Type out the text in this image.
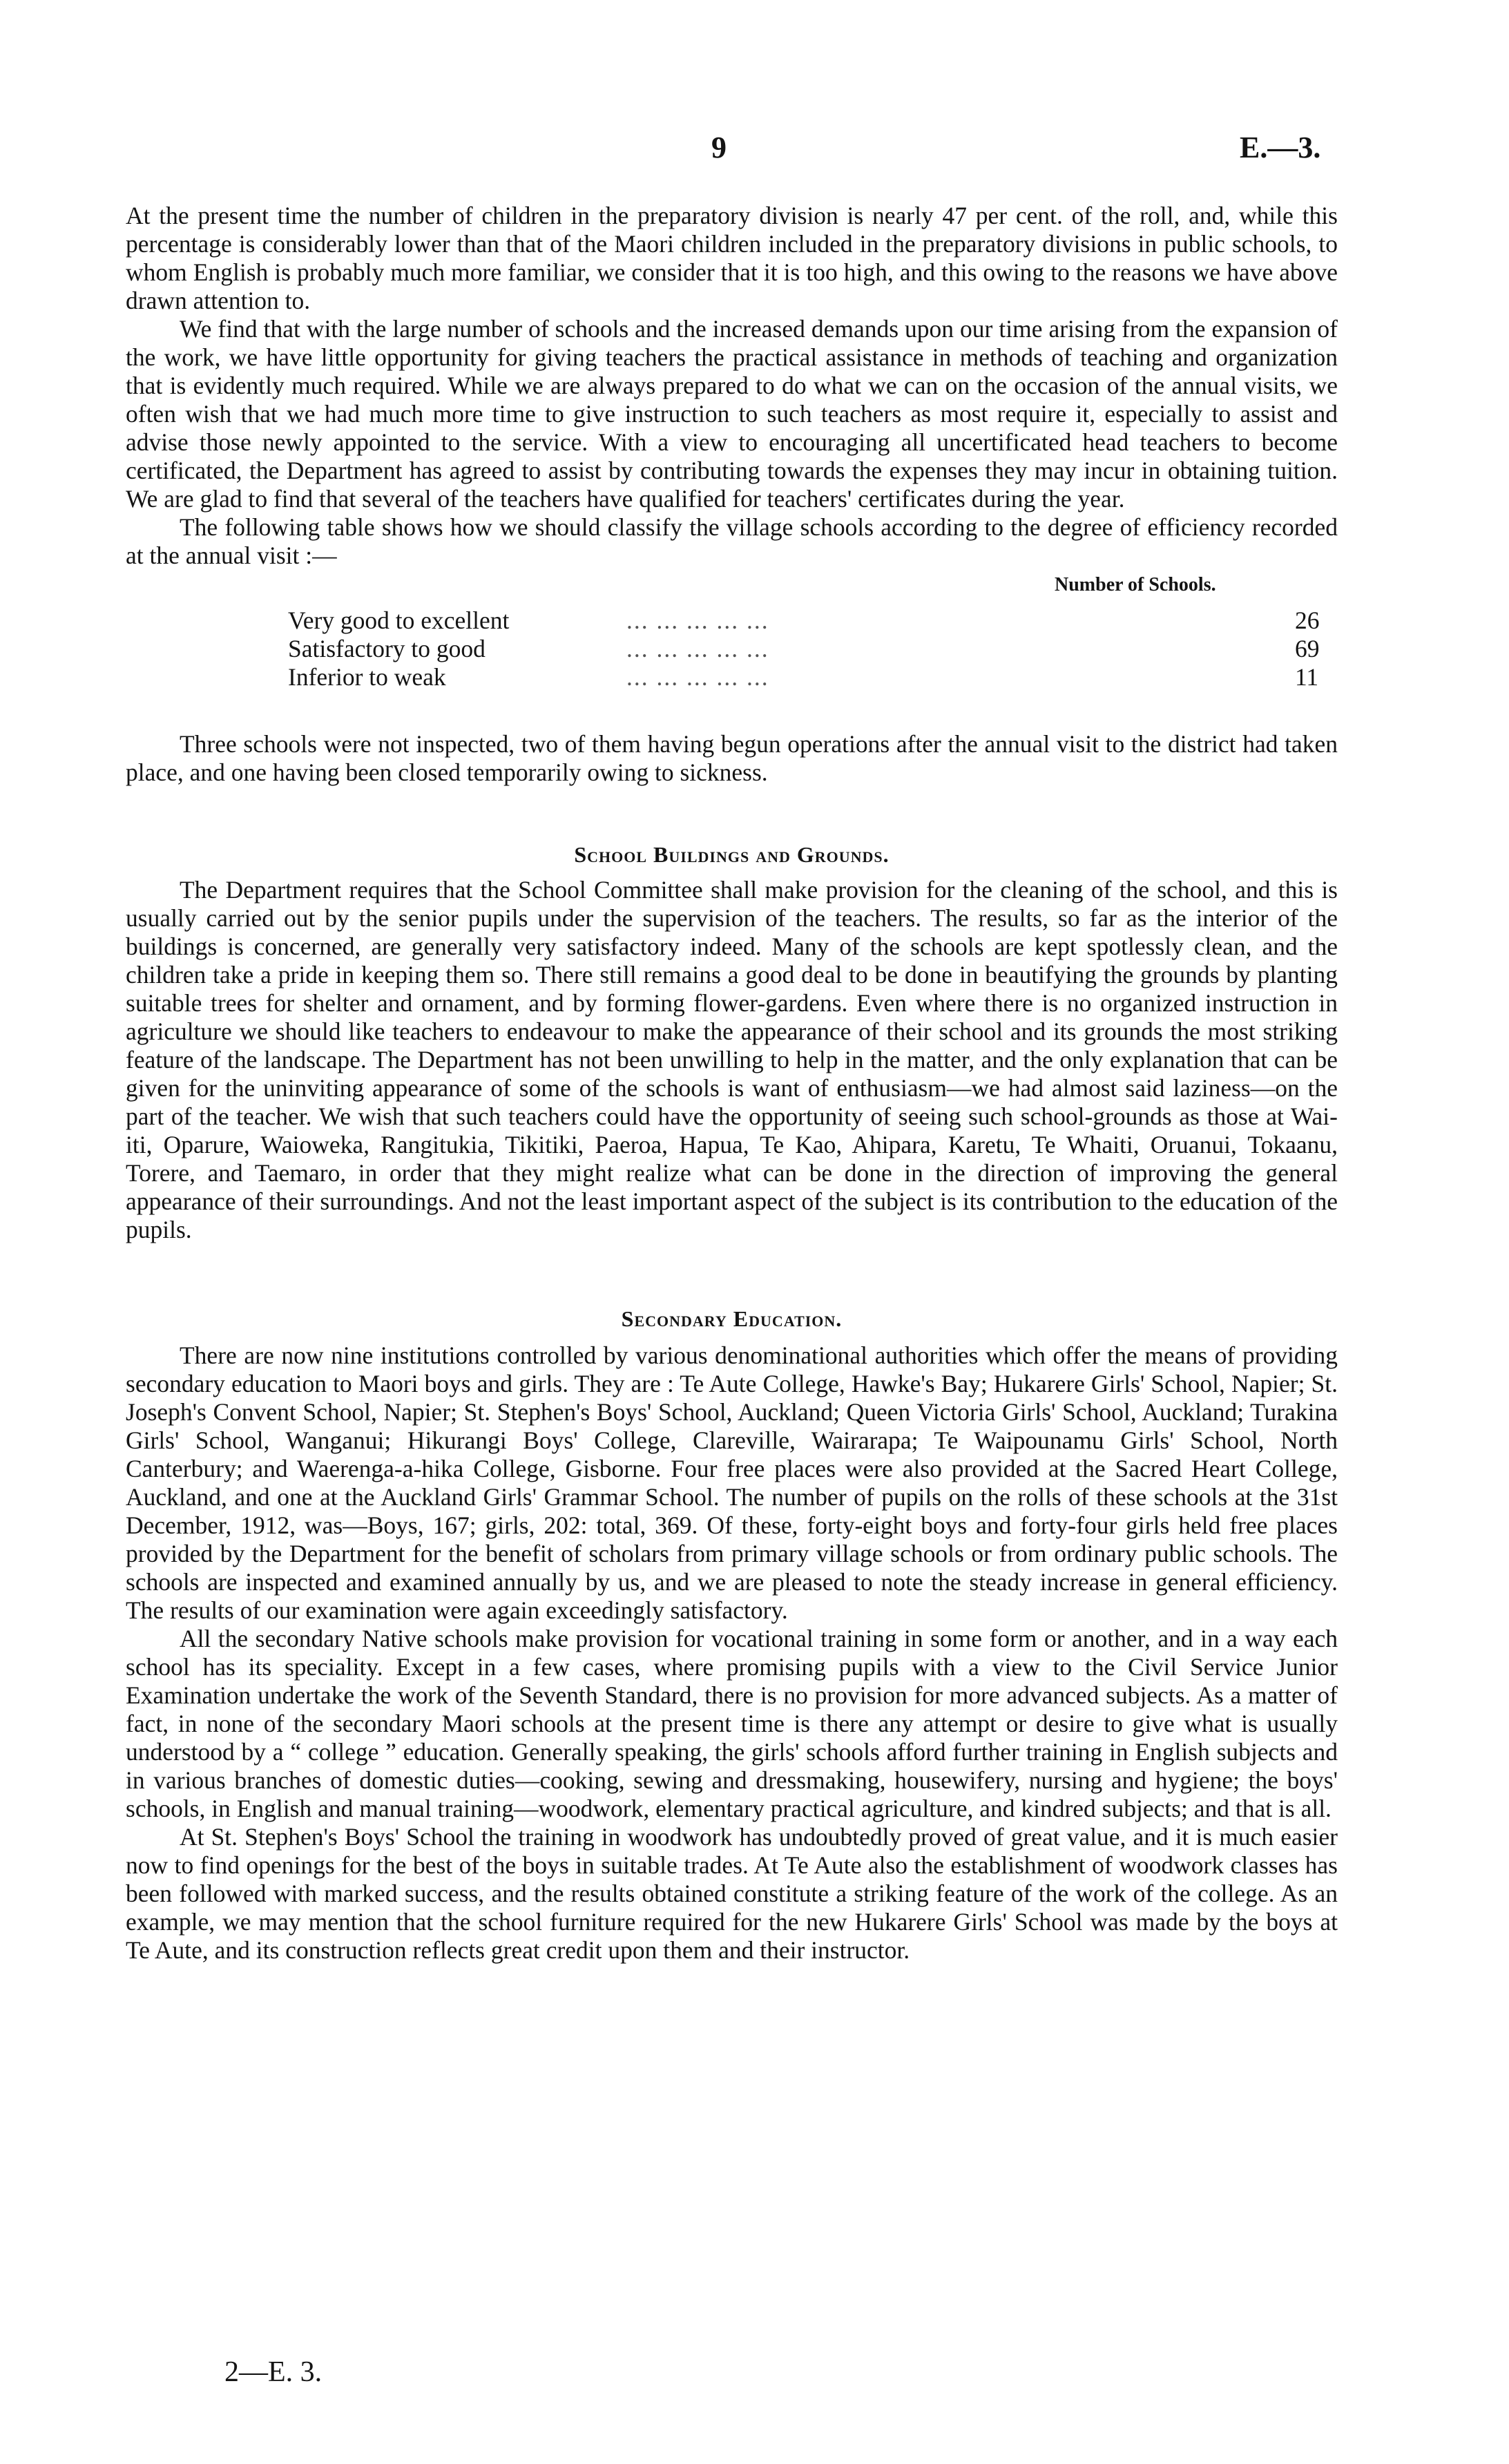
9	E.—3.

At the present time the number of children in the preparatory division is nearly 47 per cent. of the roll, and, while this percentage is considerably lower than that of the Maori children included in the preparatory divisions in public schools, to whom English is probably much more familiar, we consider that it is too high, and this owing to the reasons we have above drawn attention to.

We find that with the large number of schools and the increased demands upon our time arising from the expansion of the work, we have little opportunity for giving teachers the practical assistance in methods of teaching and organization that is evidently much required. While we are always prepared to do what we can on the occasion of the annual visits, we often wish that we had much more time to give instruction to such teachers as most require it, especially to assist and advise those newly appointed to the service. With a view to encouraging all uncertificated head teachers to become certificated, the Department has agreed to assist by contributing towards the expenses they may incur in obtaining tuition. We are glad to find that several of the teachers have qualified for teachers' certificates during the year.

The following table shows how we should classify the village schools according to the degree of efficiency recorded at the annual visit :—

Number of Schools.
Very good to excellent	... ... ... ... ...	26
Satisfactory to good	... ... ... ... ...	69
Inferior to weak	... ... ... ... ...	11

Three schools were not inspected, two of them having begun operations after the annual visit to the district had taken place, and one having been closed temporarily owing to sickness.

School Buildings and Grounds.

The Department requires that the School Committee shall make provision for the cleaning of the school, and this is usually carried out by the senior pupils under the supervision of the teachers. The results, so far as the interior of the buildings is concerned, are generally very satisfactory indeed. Many of the schools are kept spotlessly clean, and the children take a pride in keeping them so. There still remains a good deal to be done in beautifying the grounds by planting suitable trees for shelter and ornament, and by forming flower-gardens. Even where there is no organized instruction in agriculture we should like teachers to endeavour to make the appearance of their school and its grounds the most striking feature of the landscape. The Department has not been unwilling to help in the matter, and the only explanation that can be given for the uninviting appearance of some of the schools is want of enthusiasm—we had almost said laziness—on the part of the teacher. We wish that such teachers could have the opportunity of seeing such school-grounds as those at Wai-iti, Oparure, Waioweka, Rangitukia, Tikitiki, Paeroa, Hapua, Te Kao, Ahipara, Karetu, Te Whaiti, Oruanui, Tokaanu, Torere, and Taemaro, in order that they might realize what can be done in the direction of improving the general appearance of their surroundings. And not the least important aspect of the subject is its contribution to the education of the pupils.

Secondary Education.

There are now nine institutions controlled by various denominational authorities which offer the means of providing secondary education to Maori boys and girls. They are : Te Aute College, Hawke's Bay; Hukarere Girls' School, Napier; St. Joseph's Convent School, Napier; St. Stephen's Boys' School, Auckland; Queen Victoria Girls' School, Auckland; Turakina Girls' School, Wanganui; Hikurangi Boys' College, Clareville, Wairarapa; Te Waipounamu Girls' School, North Canterbury; and Waerenga-a-hika College, Gisborne. Four free places were also provided at the Sacred Heart College, Auckland, and one at the Auckland Girls' Grammar School. The number of pupils on the rolls of these schools at the 31st December, 1912, was—Boys, 167; girls, 202: total, 369. Of these, forty-eight boys and forty-four girls held free places provided by the Department for the benefit of scholars from primary village schools or from ordinary public schools. The schools are inspected and examined annually by us, and we are pleased to note the steady increase in general efficiency. The results of our examination were again exceedingly satisfactory.

All the secondary Native schools make provision for vocational training in some form or another, and in a way each school has its speciality. Except in a few cases, where promising pupils with a view to the Civil Service Junior Examination undertake the work of the Seventh Standard, there is no provision for more advanced subjects. As a matter of fact, in none of the secondary Maori schools at the present time is there any attempt or desire to give what is usually understood by a “ college ” education. Generally speaking, the girls' schools afford further training in English subjects and in various branches of domestic duties—cooking, sewing and dressmaking, housewifery, nursing and hygiene; the boys' schools, in English and manual training—woodwork, elementary practical agriculture, and kindred subjects; and that is all.

At St. Stephen's Boys' School the training in woodwork has undoubtedly proved of great value, and it is much easier now to find openings for the best of the boys in suitable trades. At Te Aute also the establishment of woodwork classes has been followed with marked success, and the results obtained constitute a striking feature of the work of the college. As an example, we may mention that the school furniture required for the new Hukarere Girls' School was made by the boys at Te Aute, and its construction reflects great credit upon them and their instructor.

2—E. 3.
